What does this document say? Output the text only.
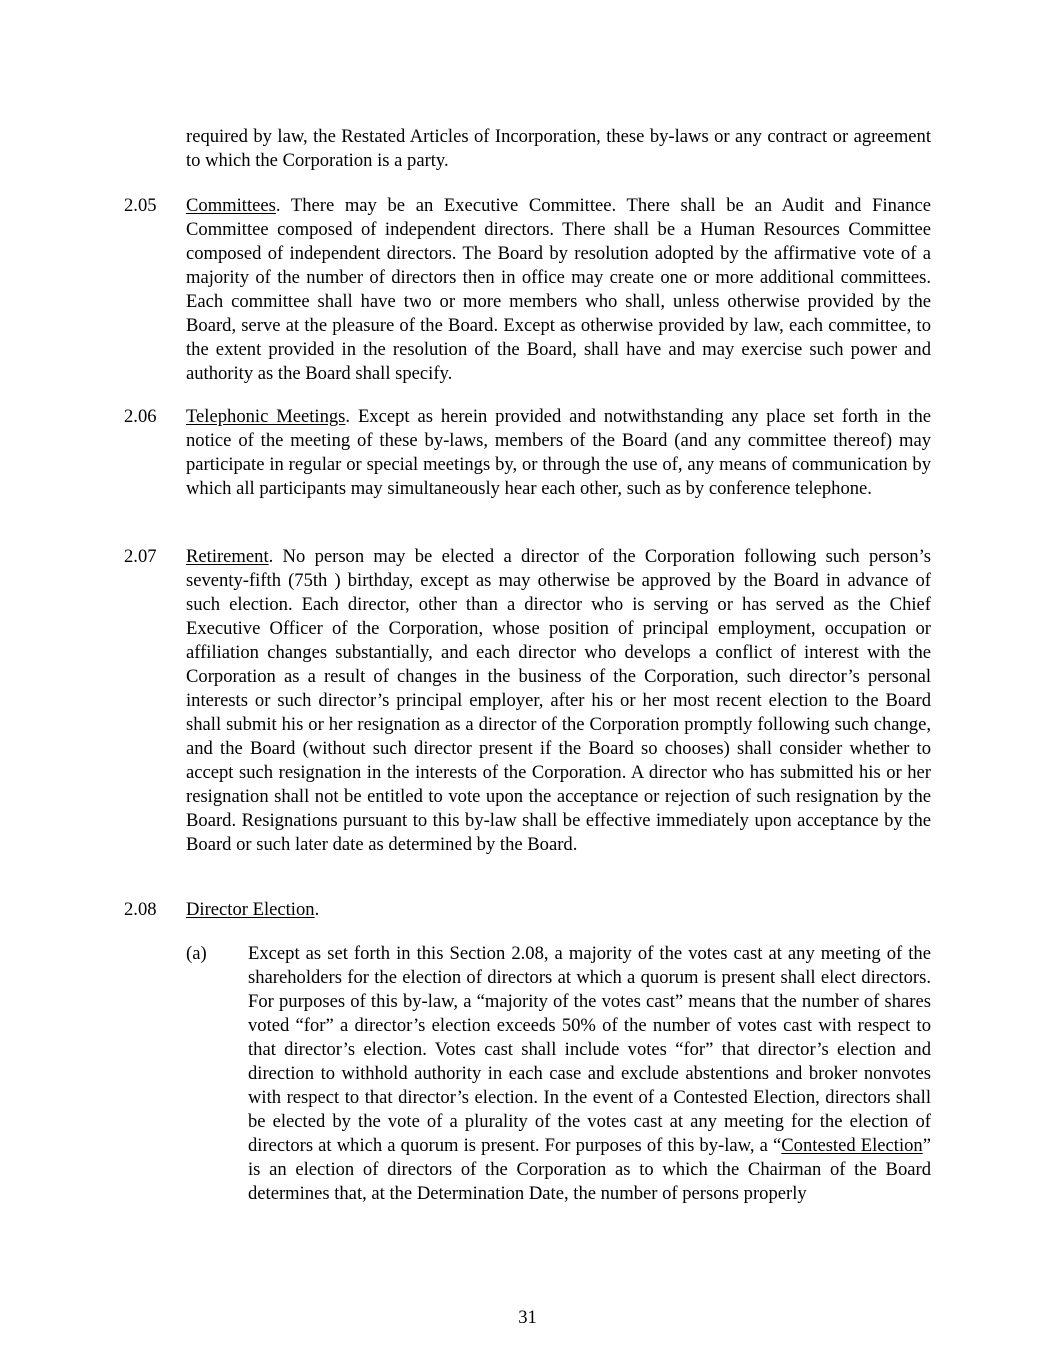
required by law, the Restated Articles of Incorporation, these by-laws or any contract or agreement to which the Corporation is a party.

2.05 Committees. There may be an Executive Committee. There shall be an Audit and Finance Committee composed of independent directors. There shall be a Human Resources Committee composed of independent directors. The Board by resolution adopted by the affirmative vote of a majority of the number of directors then in office may create one or more additional committees. Each committee shall have two or more members who shall, unless otherwise provided by the Board, serve at the pleasure of the Board. Except as otherwise provided by law, each committee, to the extent provided in the resolution of the Board, shall have and may exercise such power and authority as the Board shall specify.

2.06 Telephonic Meetings. Except as herein provided and notwithstanding any place set forth in the notice of the meeting of these by-laws, members of the Board (and any committee thereof) may participate in regular or special meetings by, or through the use of, any means of communication by which all participants may simultaneously hear each other, such as by conference telephone.

2.07 Retirement. No person may be elected a director of the Corporation following such person’s seventy-fifth (75th ) birthday, except as may otherwise be approved by the Board in advance of such election. Each director, other than a director who is serving or has served as the Chief Executive Officer of the Corporation, whose position of principal employment, occupation or affiliation changes substantially, and each director who develops a conflict of interest with the Corporation as a result of changes in the business of the Corporation, such director’s personal interests or such director’s principal employer, after his or her most recent election to the Board shall submit his or her resignation as a director of the Corporation promptly following such change, and the Board (without such director present if the Board so chooses) shall consider whether to accept such resignation in the interests of the Corporation. A director who has submitted his or her resignation shall not be entitled to vote upon the acceptance or rejection of such resignation by the Board. Resignations pursuant to this by-law shall be effective immediately upon acceptance by the Board or such later date as determined by the Board.

2.08 Director Election.

(a) Except as set forth in this Section 2.08, a majority of the votes cast at any meeting of the shareholders for the election of directors at which a quorum is present shall elect directors. For purposes of this by-law, a “majority of the votes cast” means that the number of shares voted “for” a director’s election exceeds 50% of the number of votes cast with respect to that director’s election. Votes cast shall include votes “for” that director’s election and direction to withhold authority in each case and exclude abstentions and broker nonvotes with respect to that director’s election. In the event of a Contested Election, directors shall be elected by the vote of a plurality of the votes cast at any meeting for the election of directors at which a quorum is present. For purposes of this by-law, a “Contested Election” is an election of directors of the Corporation as to which the Chairman of the Board determines that, at the Determination Date, the number of persons properly

31
